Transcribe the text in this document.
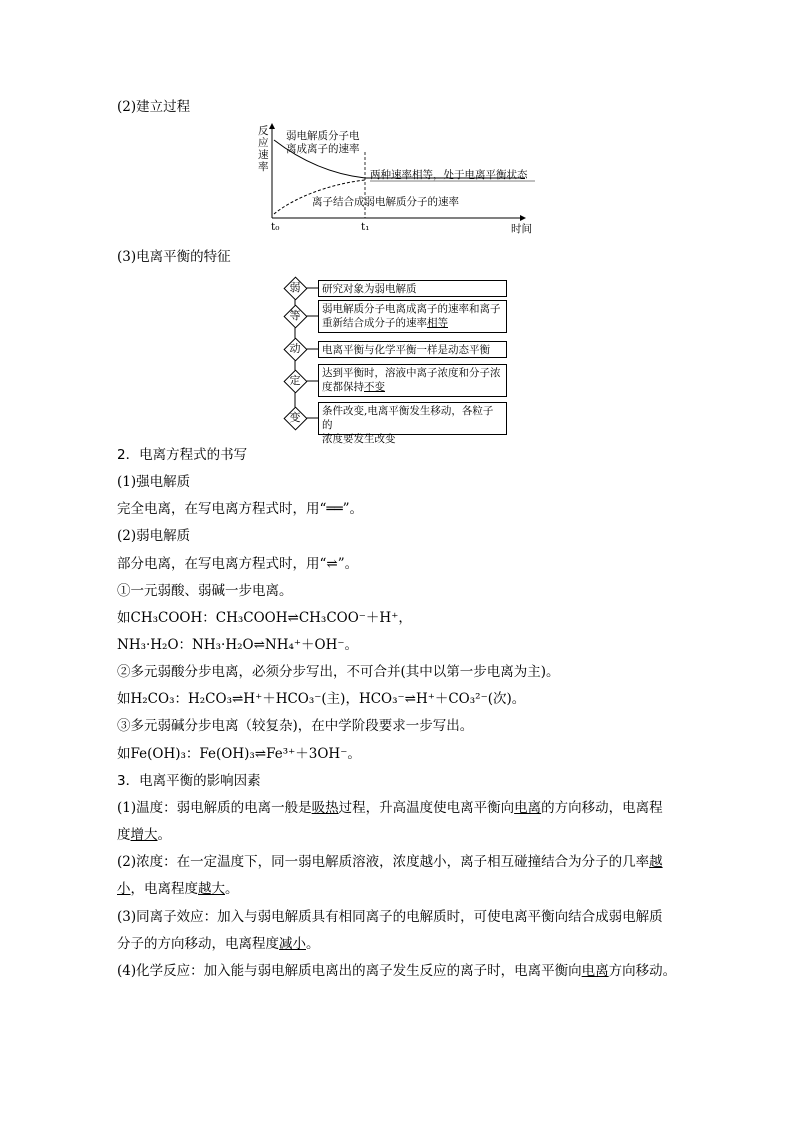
(2)建立过程
反
应
速
率
弱电解质分子电
离成离子的速率
两种速率相等，处于电离平衡状态
离子结合成弱电解质分子的速率
t₀	t₁	时间
(3)电离平衡的特征
弱
等
动
定
变
研究对象为弱电解质
弱电解质分子电离成离子的速率和离子
重新结合成分子的速率相等
电离平衡与化学平衡一样是动态平衡
达到平衡时，溶液中离子浓度和分子浓
度都保持不变
条件改变,电离平衡发生移动，各粒子的
浓度要发生改变
2．电离方程式的书写
(1)强电解质
完全电离，在写电离方程式时，用“══”。
(2)弱电解质
部分电离，在写电离方程式时，用“⇌”。
①一元弱酸、弱碱一步电离。
如CH₃COOH：CH₃COOH⇌CH₃COO⁻＋H⁺，
NH₃·H₂O：NH₃·H₂O⇌NH₄⁺＋OH⁻。
②多元弱酸分步电离，必须分步写出，不可合并(其中以第一步电离为主)。
如H₂CO₃：H₂CO₃⇌H⁺＋HCO₃⁻(主)，HCO₃⁻⇌H⁺＋CO₃²⁻(次)。
③多元弱碱分步电离（较复杂)，在中学阶段要求一步写出。
如Fe(OH)₃：Fe(OH)₃⇌Fe³⁺＋3OH⁻。
3．电离平衡的影响因素
(1)温度：弱电解质的电离一般是吸热过程，升高温度使电离平衡向电离的方向移动，电离程
度增大。
(2)浓度：在一定温度下，同一弱电解质溶液，浓度越小，离子相互碰撞结合为分子的几率越
小，电离程度越大。
(3)同离子效应：加入与弱电解质具有相同离子的电解质时，可使电离平衡向结合成弱电解质
分子的方向移动，电离程度减小。
(4)化学反应：加入能与弱电解质电离出的离子发生反应的离子时，电离平衡向电离方向移动。
